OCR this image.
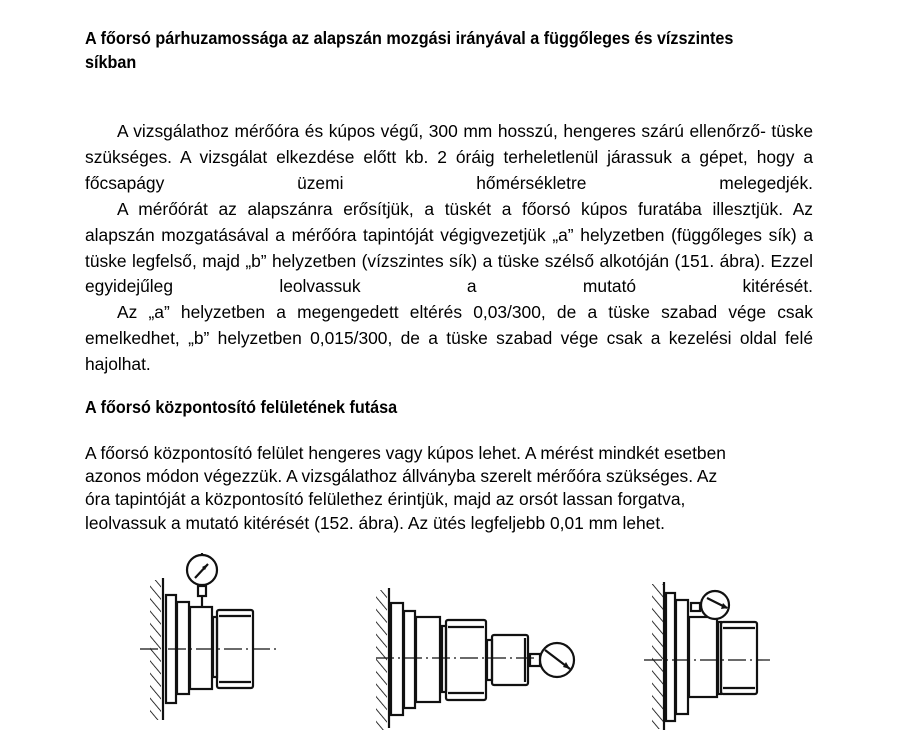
A főorsó párhuzamossága az alapszán mozgási irányával a függőleges és vízszintes síkban

A vizsgálathoz mérőóra és kúpos végű, 300 mm hosszú, hengeres szárú ellenőrző- tüske szükséges. A vizsgálat elkezdése előtt kb. 2 óráig terheletlenül járassuk a gépet, hogy a főcsapágy üzemi hőmérsékletre melegedjék.

A mérőórát az alapszánra erősítjük, a tüskét a főorsó kúpos furatába illesztjük. Az alapszán mozgatásával a mérőóra tapintóját végigvezetjük „a” helyzetben (függőleges sík) a tüske legfelső, majd „b” helyzetben (vízszintes sík) a tüske szélső alkotóján (151. ábra). Ezzel egyidejűleg leolvassuk a mutató kitérését.

Az „a” helyzetben a megengedett eltérés 0,03/300, de a tüske szabad vége csak emelkedhet, „b” helyzetben 0,015/300, de a tüske szabad vége csak a kezelési oldal felé hajolhat.

A főorsó központosító felületének futása
A főorsó központosító felület hengeres vagy kúpos lehet. A mérést mindkét esetben
azonos módon végezzük. A vizsgálathoz állványba szerelt mérőóra szükséges. Az
óra tapintóját a központosító felülethez érintjük, majd az orsót lassan forgatva,
leolvassuk a mutató kitérését (152. ábra). Az ütés legfeljebb 0,01 mm lehet.
